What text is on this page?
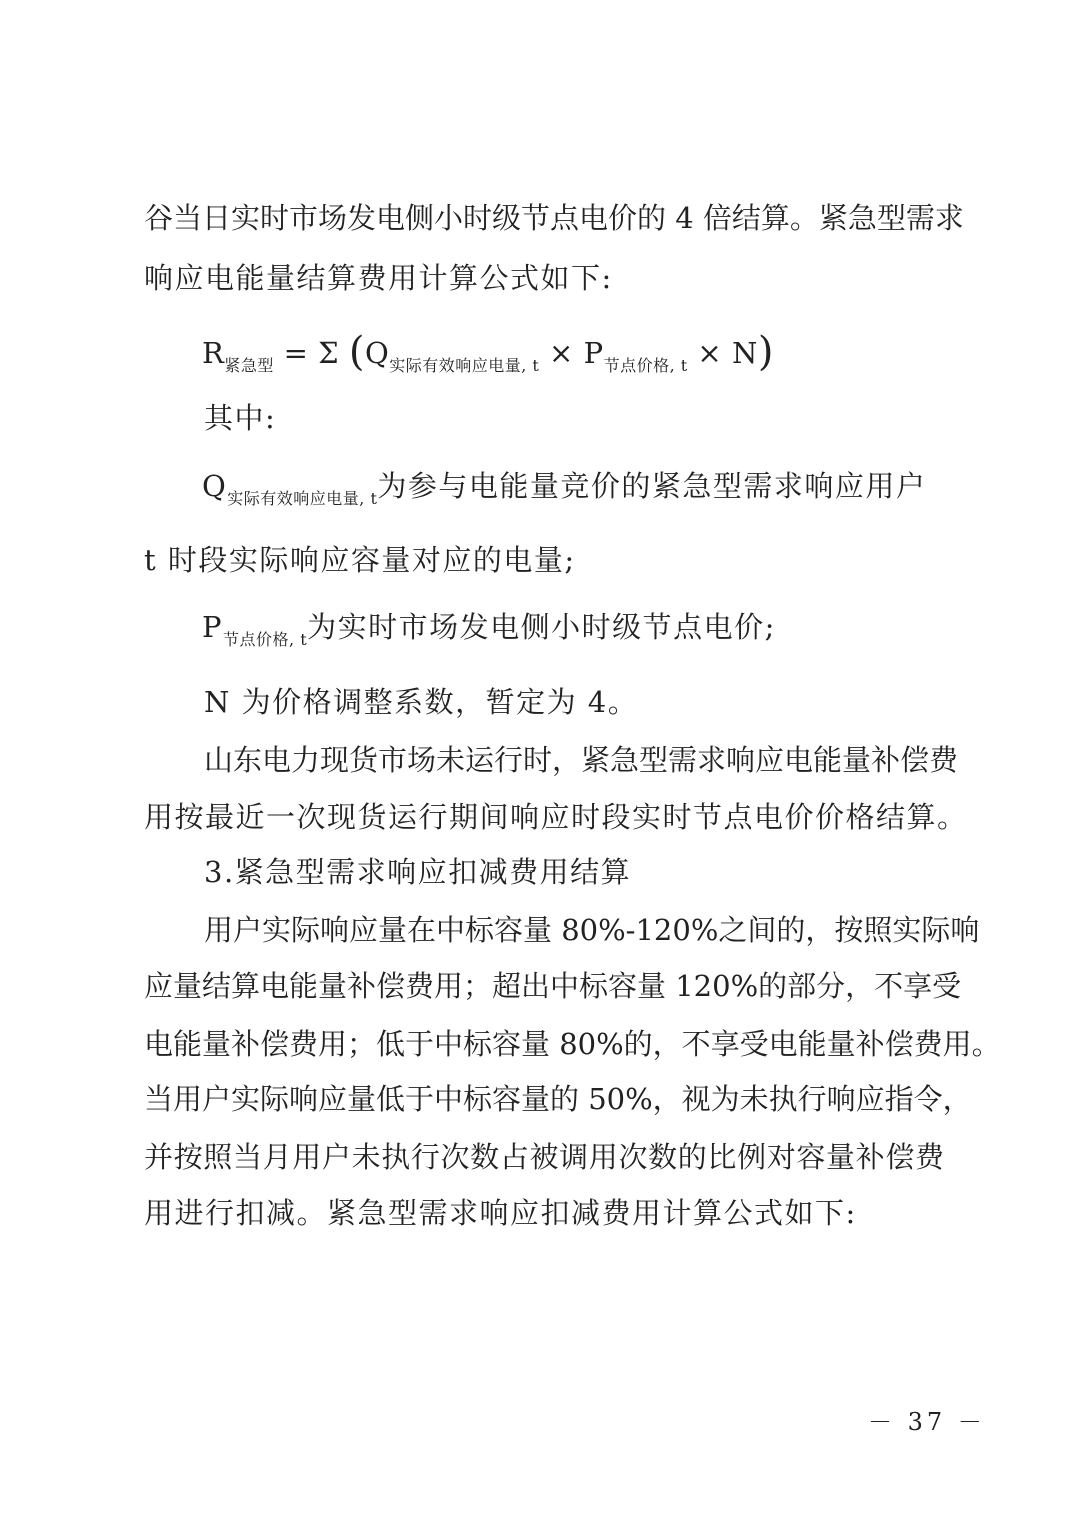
谷当日实时市场发电侧小时级节点电价的 4 倍结算。紧急型需求
响应电能量结算费用计算公式如下:
$R_{紧急型} = \Sigma$ $(Q_{实际有效响应电量, t} \times P_{节点价格, t} \times N)$
其中:
$Q_{实际有效响应电量, t}$为参与电能量竞价的紧急型需求响应用户
t 时段实际响应容量对应的电量;
$P_{节点价格, t}$为实时市场发电侧小时级节点电价;
N 为价格调整系数，暂定为 4。
山东电力现货市场未运行时，紧急型需求响应电能量补偿费
用按最近一次现货运行期间响应时段实时节点电价价格结算。
3.紧急型需求响应扣减费用结算
用户实际响应量在中标容量 80%-120%之间的，按照实际响
应量结算电能量补偿费用；超出中标容量 120%的部分，不享受
电能量补偿费用；低于中标容量 80%的，不享受电能量补偿费用。
当用户实际响应量低于中标容量的 50%，视为未执行响应指令，
并按照当月用户未执行次数占被调用次数的比例对容量补偿费
用进行扣减。紧急型需求响应扣减费用计算公式如下:
－ 37 －
